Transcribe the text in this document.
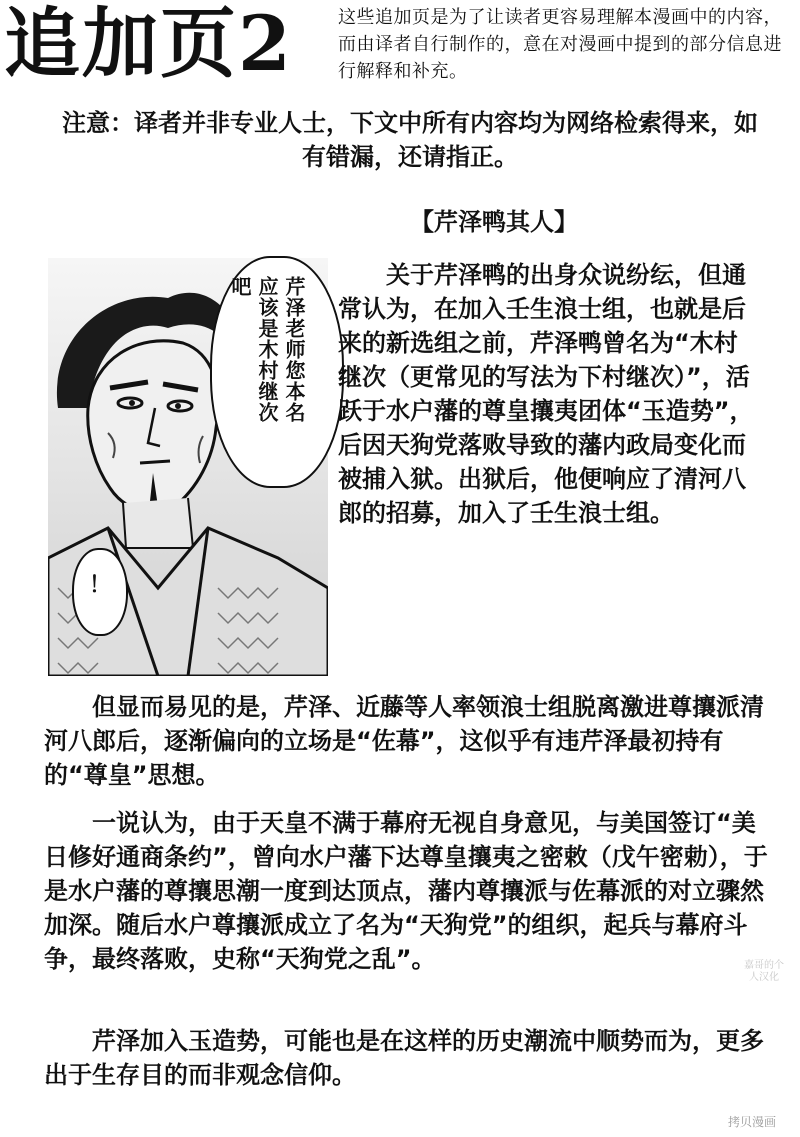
追加页2	这些追加页是为了让读者更容易理解本漫画中的内容，而由译者自行制作的，意在对漫画中提到的部分信息进行解释和补充。
注意：译者并非专业人士，下文中所有内容均为网络检索得来，如有错漏，还请指正。
【芹泽鸭其人】
芹泽老师您本名应该是木村继次吧
！
关于芹泽鸭的出身众说纷纭，但通常认为，在加入壬生浪士组，也就是后来的新选组之前，芹泽鸭曾名为“木村继次（更常见的写法为下村继次）”，活跃于水户藩的尊皇攘夷团体“玉造势”，后因天狗党落败导致的藩内政局变化而被捕入狱。出狱后，他便响应了清河八郎的招募，加入了壬生浪士组。
但显而易见的是，芹泽、近藤等人率领浪士组脱离激进尊攘派清河八郎后，逐渐偏向的立场是“佐幕”，这似乎有违芹泽最初持有的“尊皇”思想。
一说认为，由于天皇不满于幕府无视自身意见，与美国签订“美日修好通商条约”，曾向水户藩下达尊皇攘夷之密敕（戊午密勅），于是水户藩的尊攘思潮一度到达顶点，藩内尊攘派与佐幕派的对立骤然加深。随后水户尊攘派成立了名为“天狗党”的组织，起兵与幕府斗争，最终落败，史称“天狗党之乱”。
芹泽加入玉造势，可能也是在这样的历史潮流中顺势而为，更多出于生存目的而非观念信仰。
嘉哥的个人汉化
拷贝漫画
